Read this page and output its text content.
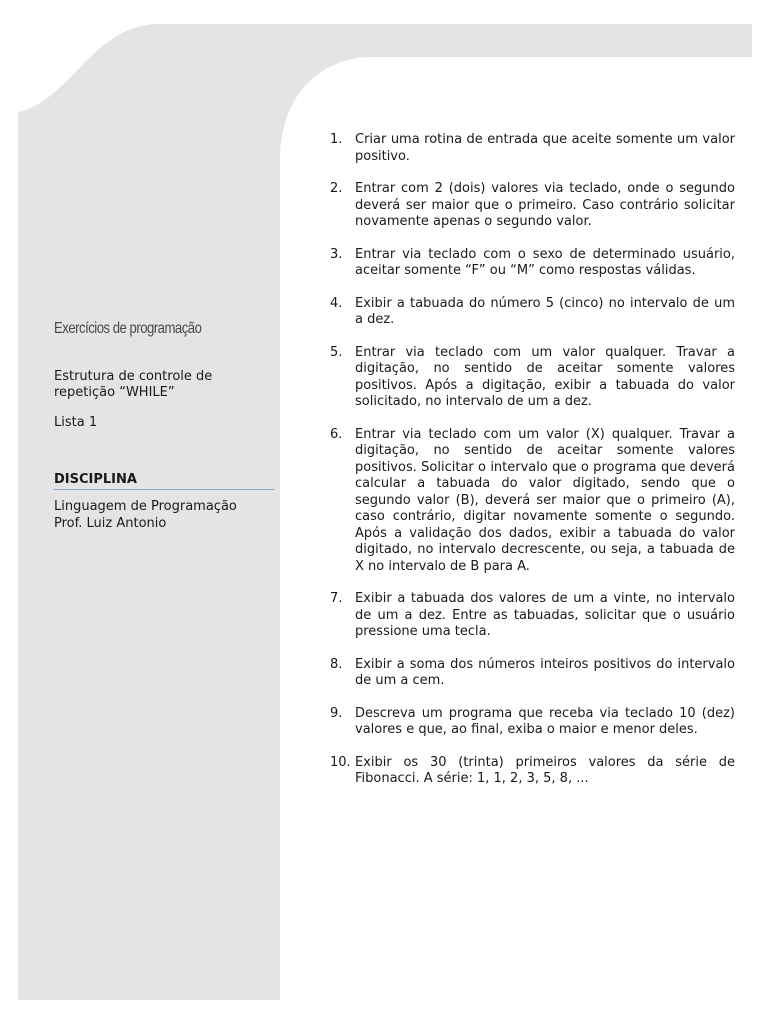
Exercícios de programação

Estrutura de controle de repetição “WHILE”

Lista 1

DISCIPLINA

Linguagem de Programação
Prof. Luiz Antonio
1. Criar uma rotina de entrada que aceite somente um valor positivo.
2. Entrar com 2 (dois) valores via teclado, onde o segundo deverá ser maior que o primeiro. Caso contrário solicitar novamente apenas o segundo valor.
3. Entrar via teclado com o sexo de determinado usuário, aceitar somente “F” ou “M” como respostas válidas.
4. Exibir a tabuada do número 5 (cinco) no intervalo de um a dez.
5. Entrar via teclado com um valor qualquer. Travar a digitação, no sentido de aceitar somente valores positivos. Após a digitação, exibir a tabuada do valor solicitado, no intervalo de um a dez.
6. Entrar via teclado com um valor (X) qualquer. Travar a digitação, no sentido de aceitar somente valores positivos. Solicitar o intervalo que o programa que deverá calcular a tabuada do valor digitado, sendo que o segundo valor (B), deverá ser maior que o primeiro (A), caso contrário, digitar novamente somente o segundo. Após a validação dos dados, exibir a tabuada do valor digitado, no intervalo decrescente, ou seja, a tabuada de X no intervalo de B para A.
7. Exibir a tabuada dos valores de um a vinte, no intervalo de um a dez. Entre as tabuadas, solicitar que o usuário pressione uma tecla.
8. Exibir a soma dos números inteiros positivos do intervalo de um a cem.
9. Descreva um programa que receba via teclado 10 (dez) valores e que, ao final, exiba o maior e menor deles.
10. Exibir os 30 (trinta) primeiros valores da série de Fibonacci. A série: 1, 1, 2, 3, 5, 8, ...
